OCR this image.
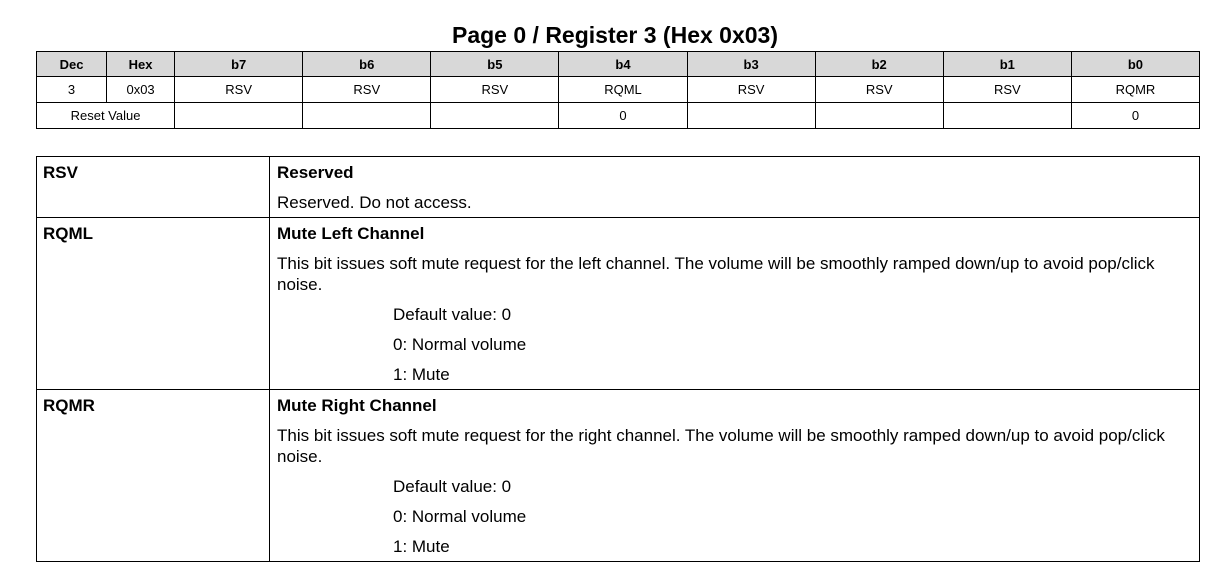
Page 0 / Register 3 (Hex 0x03)
Dec	Hex	b7	b6	b5	b4	b3	b2	b1	b0
3	0x03	RSV	RSV	RSV	RQML	RSV	RSV	RSV	RQMR
Reset Value					0				0
RSV	Reserved
Reserved. Do not access.

RQML	Mute Left Channel
This bit issues soft mute request for the left channel. The volume will be smoothly ramped down/up to avoid pop/click noise.
Default value: 0
0: Normal volume
1: Mute

RQMR	Mute Right Channel
This bit issues soft mute request for the right channel. The volume will be smoothly ramped down/up to avoid pop/click noise.
Default value: 0
0: Normal volume
1: Mute
